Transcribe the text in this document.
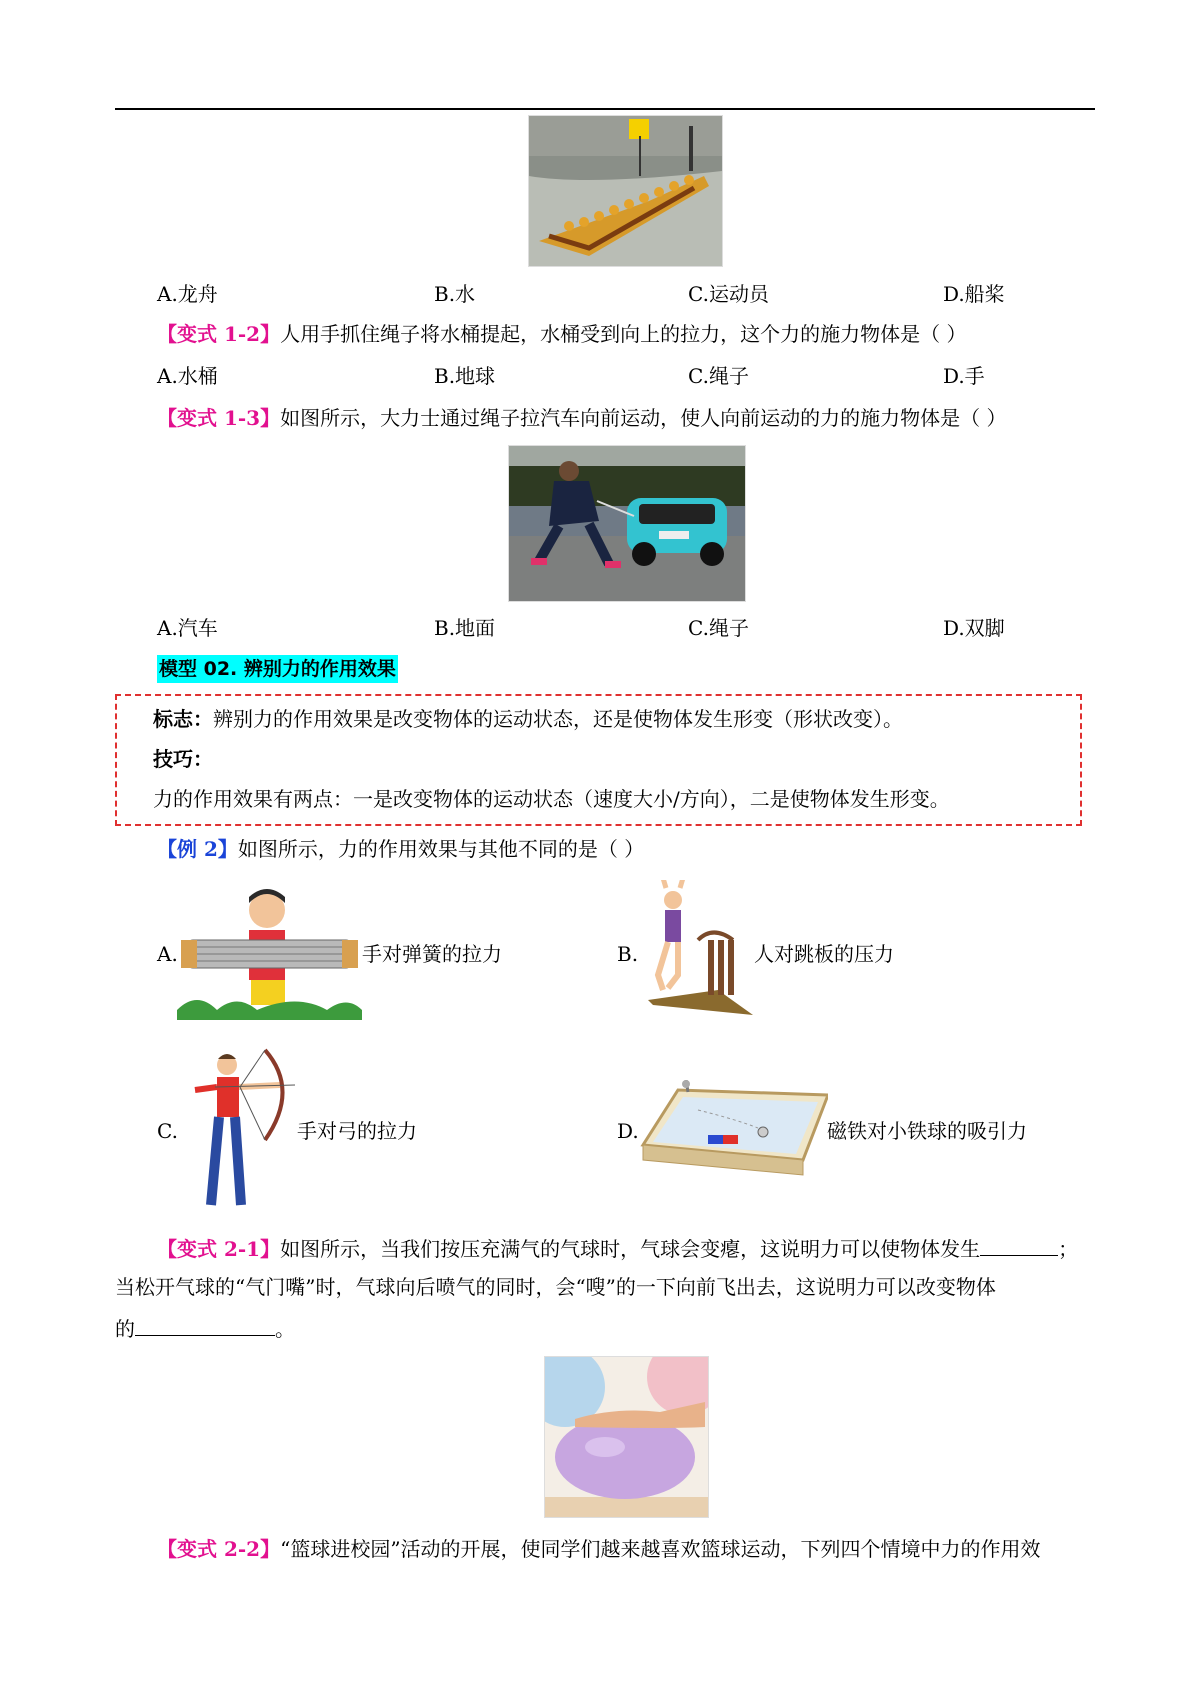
A.龙舟	B.水	C.运动员	D.船桨
【变式 1-2】人用手抓住绳子将水桶提起，水桶受到向上的拉力，这个力的施力物体是（ ）
A.水桶	B.地球	C.绳子	D.手
【变式 1-3】如图所示，大力士通过绳子拉汽车向前运动，使人向前运动的力的施力物体是（ ）
A.汽车	B.地面	C.绳子	D.双脚
模型 02. 辨别力的作用效果
标志：辨别力的作用效果是改变物体的运动状态，还是使物体发生形变（形状改变）。
技巧：
力的作用效果有两点：一是改变物体的运动状态（速度大小/方向），二是使物体发生形变。
【例 2】如图所示，力的作用效果与其他不同的是（ ）
A.	手对弹簧的拉力	B.	人对跳板的压力
C.	手对弓的拉力	D.	磁铁对小铁球的吸引力
【变式 2-1】如图所示，当我们按压充满气的气球时，气球会变瘪，这说明力可以使物体发生	；
当松开气球的“气门嘴”时，气球向后喷气的同时，会“嗖”的一下向前飞出去，这说明力可以改变物体
的	。
【变式 2-2】“篮球进校园”活动的开展，使同学们越来越喜欢篮球运动，下列四个情境中力的作用效
